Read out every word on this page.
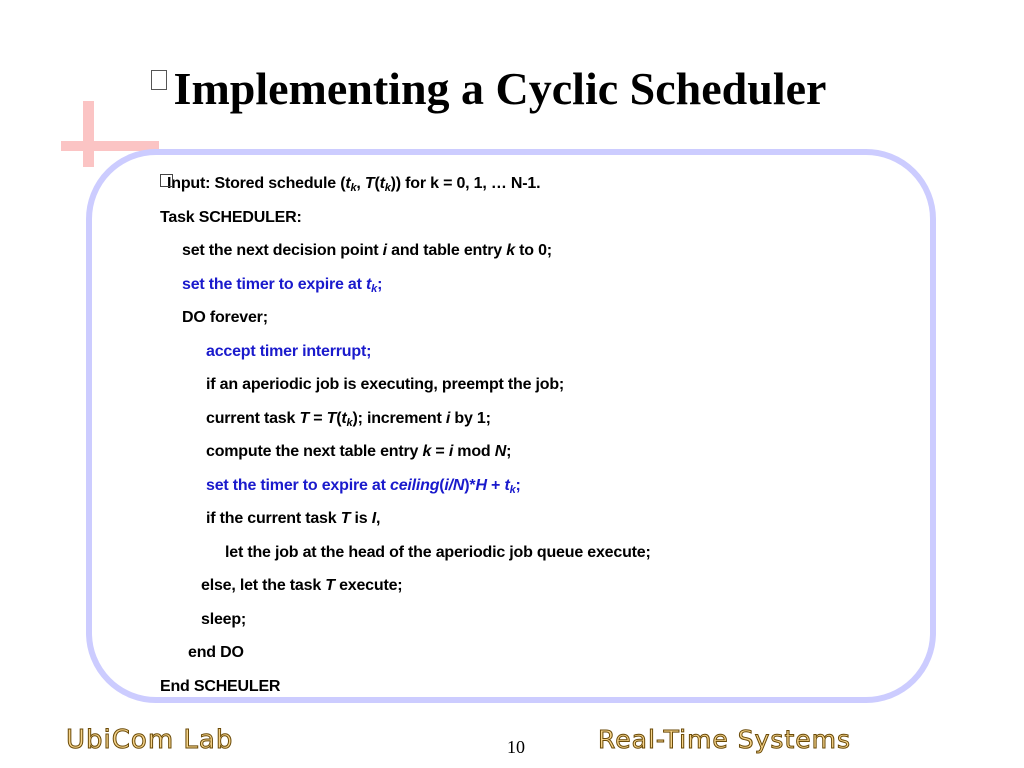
Implementing a Cyclic Scheduler
Input: Stored schedule ($t_k$, $T(t_k)$) for k = 0, 1, … N-1.
Task SCHEDULER:
set the next decision point i and table entry k to 0;
set the timer to expire at $t_k$;
DO forever;
accept timer interrupt;
if an aperiodic job is executing, preempt the job;
current task $T = T(t_k)$; increment i by 1;
compute the next table entry k = i mod N;
set the timer to expire at ceiling(i/N)*H + $t_k$;
if the current task T is I,
let the job at the head of the aperiodic job queue execute;
else, let the task T execute;
sleep;
end DO
End SCHEULER
UbiCom Lab	10	Real-Time Systems
